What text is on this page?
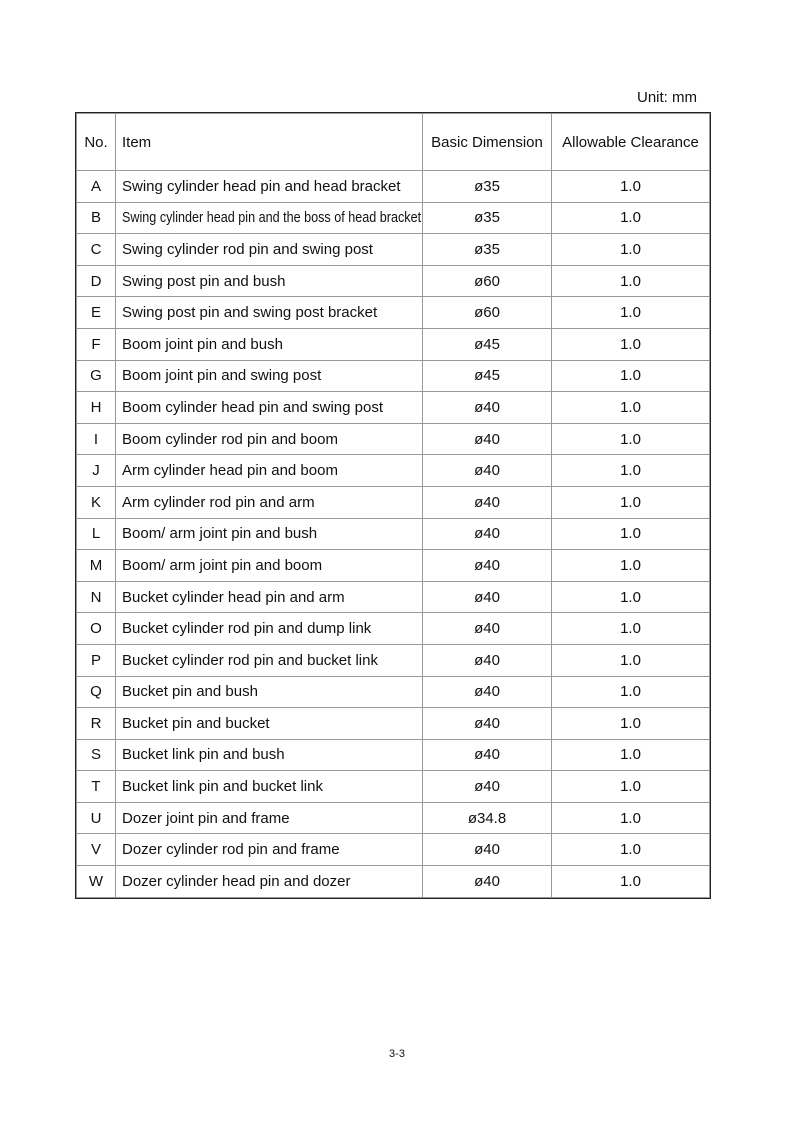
Unit: mm
No.	Item	Basic Dimension	Allowable Clearance
A	Swing cylinder head pin and head bracket	ø35	1.0
B	Swing cylinder head pin and the boss of head bracket	ø35	1.0
C	Swing cylinder rod pin and swing post	ø35	1.0
D	Swing post pin and bush	ø60	1.0
E	Swing post pin and swing post bracket	ø60	1.0
F	Boom joint pin and bush	ø45	1.0
G	Boom joint pin and swing post	ø45	1.0
H	Boom cylinder head pin and swing post	ø40	1.0
I	Boom cylinder rod pin and boom	ø40	1.0
J	Arm cylinder head pin and boom	ø40	1.0
K	Arm cylinder rod pin and arm	ø40	1.0
L	Boom/ arm joint pin and bush	ø40	1.0
M	Boom/ arm joint pin and boom	ø40	1.0
N	Bucket cylinder head pin and arm	ø40	1.0
O	Bucket cylinder rod pin and dump link	ø40	1.0
P	Bucket cylinder rod pin and bucket link	ø40	1.0
Q	Bucket pin and bush	ø40	1.0
R	Bucket pin and bucket	ø40	1.0
S	Bucket link pin and bush	ø40	1.0
T	Bucket link pin and bucket link	ø40	1.0
U	Dozer joint pin and frame	ø34.8	1.0
V	Dozer cylinder rod pin and frame	ø40	1.0
W	Dozer cylinder head pin and dozer	ø40	1.0
3-3
